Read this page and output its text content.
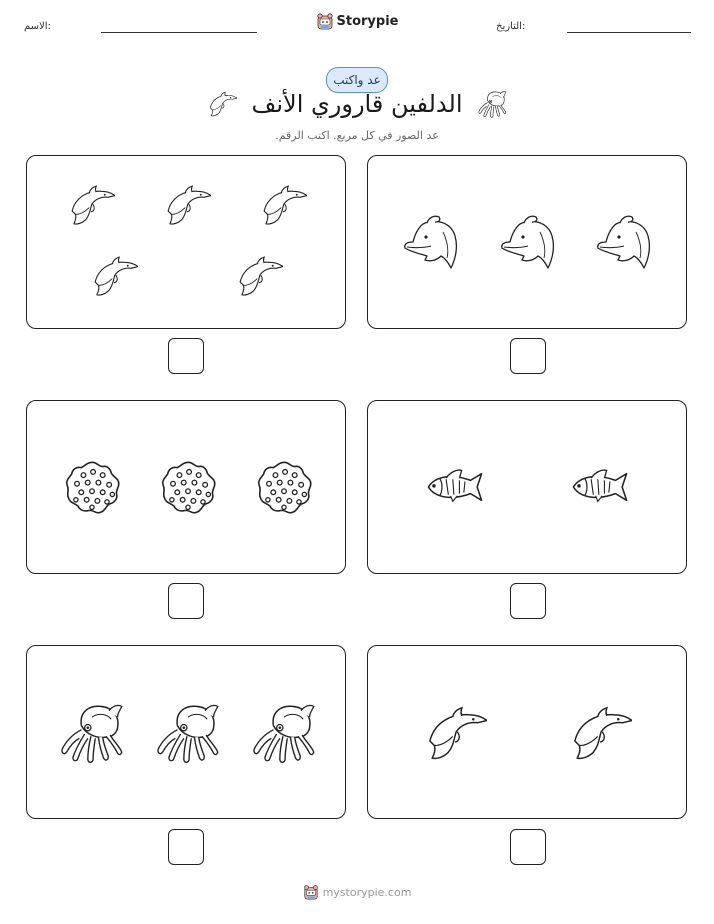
الاسم:	Storypie	التاريخ:
عد واكتب
الدلفين قاروري الأنف
عد الصور في كل مربع. اكتب الرقم.
mystorypie.com
